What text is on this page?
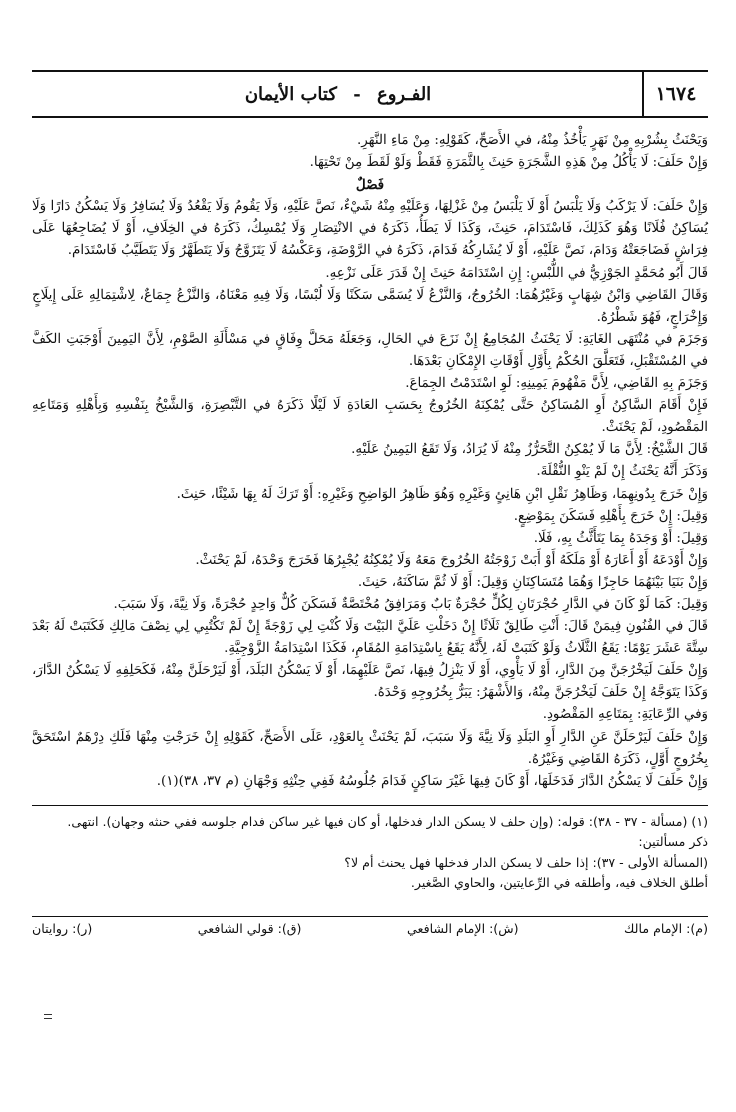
١٦٧٤
الفـروع - كتاب الأيمان

وَيَحْنَثُ بِشُرْبِهِ مِنْ نَهَرٍ يَأْخُذُ مِنْهُ، في الأَصَحِّ، كَقَوْلِهِ: مِنْ مَاءِ النَّهَرِ.

وَإِنْ حَلَفَ: لَا يَأْكُلُ مِنْ هَذِهِ الشَّجَرَةِ حَنِثَ بِالثَّمَرَةِ فَقَطْ وَلَوْ لَقَطَ مِنْ تَحْتِهَا.

فَصْلٌ

وَإِنْ حَلَفَ: لَا يَرْكَبُ وَلَا يَلْبَسُ أَوْ لَا يَلْبَسُ مِنْ غَزْلِهَا، وَعَلَيْهِ مِنْهُ شَيْءٌ، نَصَّ عَلَيْهِ، وَلَا يَقُومُ وَلَا يَقْعُدُ وَلَا يُسَافِرُ وَلَا يَسْكُنُ دَارًا وَلَا يُسَاكِنُ فُلَانًا وَهُوَ كَذَلِكَ، فَاسْتَدَامَ، حَنِثَ، وَكَذَا لَا يَطَأُ، ذَكَرَهُ في الانْتِصَارِ وَلَا يُمْسِكُ، ذَكَرَهُ في الخِلَافِ، أَوْ لَا يُضَاجِعُهَا عَلَى فِرَاشٍ فَضَاجَعَتْهُ وَدَامَ، نَصَّ عَلَيْهِ، أَوْ لَا يُشَارِكُهُ فَدَامَ، ذَكَرَهُ في الرَّوْضَةِ، وَعَكْسُهُ لَا يَتَزَوَّجُ وَلَا يَتَطَهَّرُ وَلَا يَتَطَيَّبُ فَاسْتَدَامَ.

قَالَ أَبُو مُحَمَّدٍ الجَوْزِيُّ في اللُّبْسِ: إِنِ اسْتَدَامَهُ حَنِثَ إِنْ قَدَرَ عَلَى نَزْعِهِ.

وَقَالَ القَاضِي وَابْنُ شِهَابٍ وَغَيْرُهُمَا: الخُرُوجُ، وَالنَّزْعُ لَا يُسَمَّى سَكَنًا وَلَا لُبْسًا، وَلَا فِيهِ مَعْنَاهُ، وَالنَّزْعُ جِمَاعٌ، لِاشْتِمَالِهِ عَلَى إِيلَاجٍ وَإِخْرَاجٍ، فَهُوَ شَطْرُهُ.

وَجَزَمَ في مُنْتَهَى الغَايَةِ: لَا يَحْنَثُ المُجَامِعُ إِنْ نَزَعَ في الحَالِ، وَجَعَلَهُ مَحَلَّ وِفَاقٍ في مَسْأَلَةِ الصَّوْمِ، لِأَنَّ اليَمِينَ أَوْجَبَتِ الكَفَّ في المُسْتَقْبَلِ، فَتَعَلَّقَ الحُكْمُ بِأَوَّلِ أَوْقَاتِ الإِمْكَانِ بَعْدَهَا.

وَجَزَمَ بِهِ القَاضِي، لِأَنَّ مَفْهُومَ يَمِينِهِ: لَوِ اسْتَدَمْتُ الجِمَاعَ.

فَإِنْ أَقَامَ السَّاكِنُ أَوِ المُسَاكِنُ حَتَّى يُمْكِنَهُ الخُرُوجُ بِحَسَبِ العَادَةِ لَا لَيْلًا ذَكَرَهُ في التَّبْصِرَةِ، وَالشَّيْخُ بِنَفْسِهِ وَبِأَهْلِهِ وَمَتَاعِهِ المَقْصُودِ، لَمْ يَحْنَثْ.

قَالَ الشَّيْخُ: لِأَنَّ مَا لَا يُمْكِنُ التَّحَرُّزُ مِنْهُ لَا يُرَادُ، وَلَا تَقَعُ اليَمِينُ عَلَيْهِ.

وَذَكَرَ أَنَّهُ يَحْنَثُ إِنْ لَمْ يَنْوِ النُّقْلَةَ.

وَإِنْ خَرَجَ بِدُونِهِمَا، وَظَاهِرُ نَقْلِ ابْنِ هَانِئٍ وَغَيْرِهِ وَهُوَ ظَاهِرُ الوَاضِحِ وَغَيْرِهِ: أَوْ تَرَكَ لَهُ بِهَا شَيْئًا، حَنِثَ.

وَقِيلَ: إِنْ خَرَجَ بِأَهْلِهِ فَسَكَنَ بِمَوْضِعٍ.

وَقِيلَ: أَوْ وَجَدَهُ بِمَا يَتَأَثَّثُ بِهِ، فَلَا.

وَإِنْ أَوْدَعَهُ أَوْ أَعَارَهُ أَوْ مَلَكَهُ أَوْ أَبَتْ زَوْجَتُهُ الخُرُوجَ مَعَهُ وَلَا يُمْكِنُهُ يُجْبِرُهَا فَخَرَجَ وَحْدَهُ، لَمْ يَحْنَثْ.

وَإِنْ بَنَيَا بَيْنَهُمَا حَاجِزًا وَهُمَا مُتَسَاكِنَانِ وَقِيلَ: أَوْ لَا ثُمَّ سَاكَنَهُ، حَنِثَ.

وَقِيلَ: كَمَا لَوْ كَانَ في الدَّارِ حُجْرَتَانِ لِكُلٍّ حُجْرَةٌ بَابٌ وَمَرَافِقُ مُخْتَصَّةٌ فَسَكَنَ كُلٌّ وَاحِدٍ حُجْرَةً، وَلَا نِيَّةَ، وَلَا سَبَبَ.

قَالَ في الفُنُونِ فِيمَنْ قَالَ: أَنْتِ طَالِقٌ ثَلَاثًا إِنْ دَخَلْتِ عَلَيَّ البَيْتَ وَلَا كُنْتِ لِي زَوْجَةً إِنْ لَمْ تَكْتُبِي لِي نِصْفَ مَالِكِ فَكَتَبَتْ لَهُ بَعْدَ سِتَّةَ عَشَرَ يَوْمًا: يَقَعُ الثَّلَاثُ وَلَوْ كَتَبَتْ لَهُ، لِأَنَّهُ يَقَعُ بِاسْتِدَامَةِ المُقَامِ، فَكَذَا اسْتِدَامَةُ الزَّوْجِيَّةِ.

وَإِنْ حَلَفَ لَيَخْرُجَنَّ مِنَ الدَّارِ، أَوْ لَا يَأْوِي، أَوْ لَا يَنْزِلُ فِيهَا، نَصَّ عَلَيْهِمَا، أَوْ لَا يَسْكُنُ البَلَدَ، أَوْ لَيَرْحَلَنَّ مِنْهُ، فَكَحَلِفِهِ لَا يَسْكُنُ الدَّارَ، وَكَذَا يَتَوَجَّهُ إِنْ حَلَفَ لَيَخْرُجَنَّ مِنْهُ، وَالأَشْهَرُ: يَبَرُّ بِخُرُوجِهِ وَحْدَهُ.

وَفي الرِّعَايَةِ: بِمَتَاعِهِ المَقْصُودِ.

وَإِنْ حَلَفَ لَيَرْحَلَنَّ عَنِ الدَّارِ أَوِ البَلَدِ وَلَا نِيَّةَ وَلَا سَبَبَ، لَمْ يَحْنَثْ بِالعَوْدِ، عَلَى الأَصَحِّ، كَقَوْلِهِ إِنْ خَرَجْتِ مِنْهَا فَلَكِ دِرْهَمٌ اسْتَحَقَّ بِخُرُوجٍ أَوَّلٍ، ذَكَرَهُ القَاضِي وَغَيْرُهُ.

وَإِنْ حَلَفَ لَا يَسْكُنُ الدَّارَ فَدَخَلَهَا، أَوْ كَانَ فِيهَا غَيْرَ سَاكِنٍ فَدَامَ جُلُوسُهُ فَفِي حِنْثِهِ وَجْهَانِ (م ٣٧، ٣٨)(١).

(١) (مسألة - ٣٧ - ٣٨): قوله: (وإن حلف لا يسكن الدار فدخلها، أو كان فيها غير ساكن فدام جلوسه ففي حنثه وجهان). انتهى.

ذكر مسألتين:

(المسألة الأولى - ٣٧): إذا حلف لا يسكن الدار فدخلها فهل يحنث أم لا؟

أطلق الخلاف فيه، وأطلقه في الرِّعايتين، والحاوي الصَّغير.

(م): الإمام مالك
(ش): الإمام الشافعي
(ق): قولي الشافعي
(ر): روايتان
